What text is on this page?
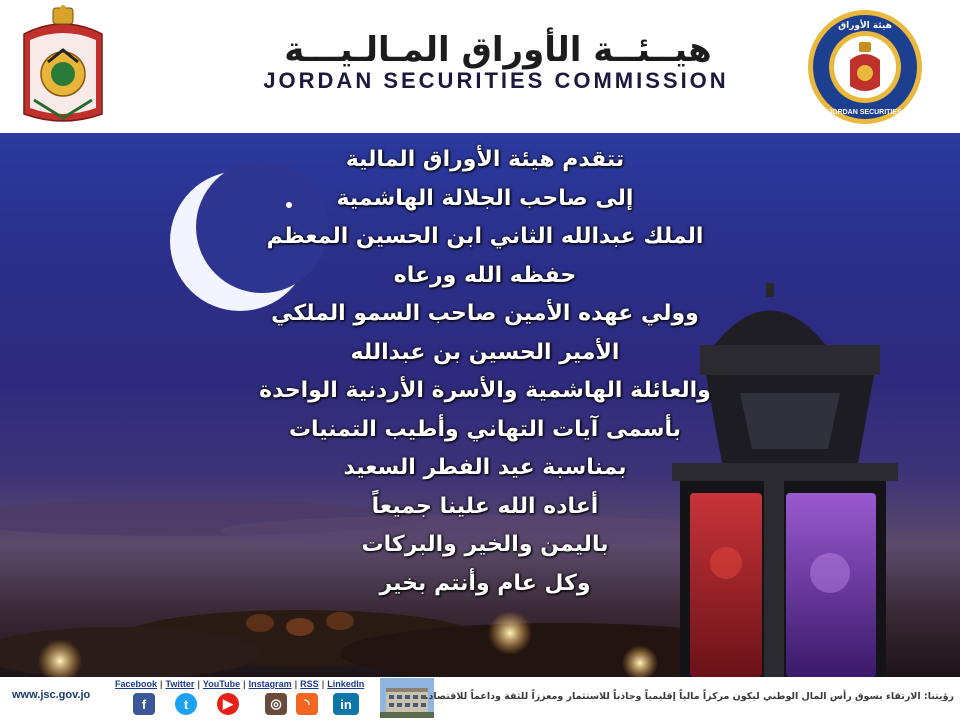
هيــئــة الأوراق المـالـيـــة
JORDAN SECURITIES COMMISSION
هيئة الأوراق
JORDAN SECURITIES
تتقدم هيئة الأوراق المالية
إلى صاحب الجلالة الهاشمية
الملك عبدالله الثاني ابن الحسين المعظم
حفظه الله ورعاه
وولي عهده الأمين صاحب السمو الملكي
الأمير الحسين بن عبدالله
والعائلة الهاشمية والأسرة الأردنية الواحدة
بأسمى آيات التهاني وأطيب التمنيات
بمناسبة عيد الفطر السعيد
أعاده الله علينا جميعاً
باليمن والخير والبركات
وكل عام وأنتم بخير
www.jsc.gov.jo
Facebook | Twitter | YouTube | Instagram | RSS | LinkedIn
f	t	▶	◎	◝	in	رؤيتنا: الارتقاء بسوق رأس المال الوطني ليكون مركزاً مالياً إقليمياً وجاذباً للاستثمار ومعززاً للثقة وداعماً للاقتصاد.
